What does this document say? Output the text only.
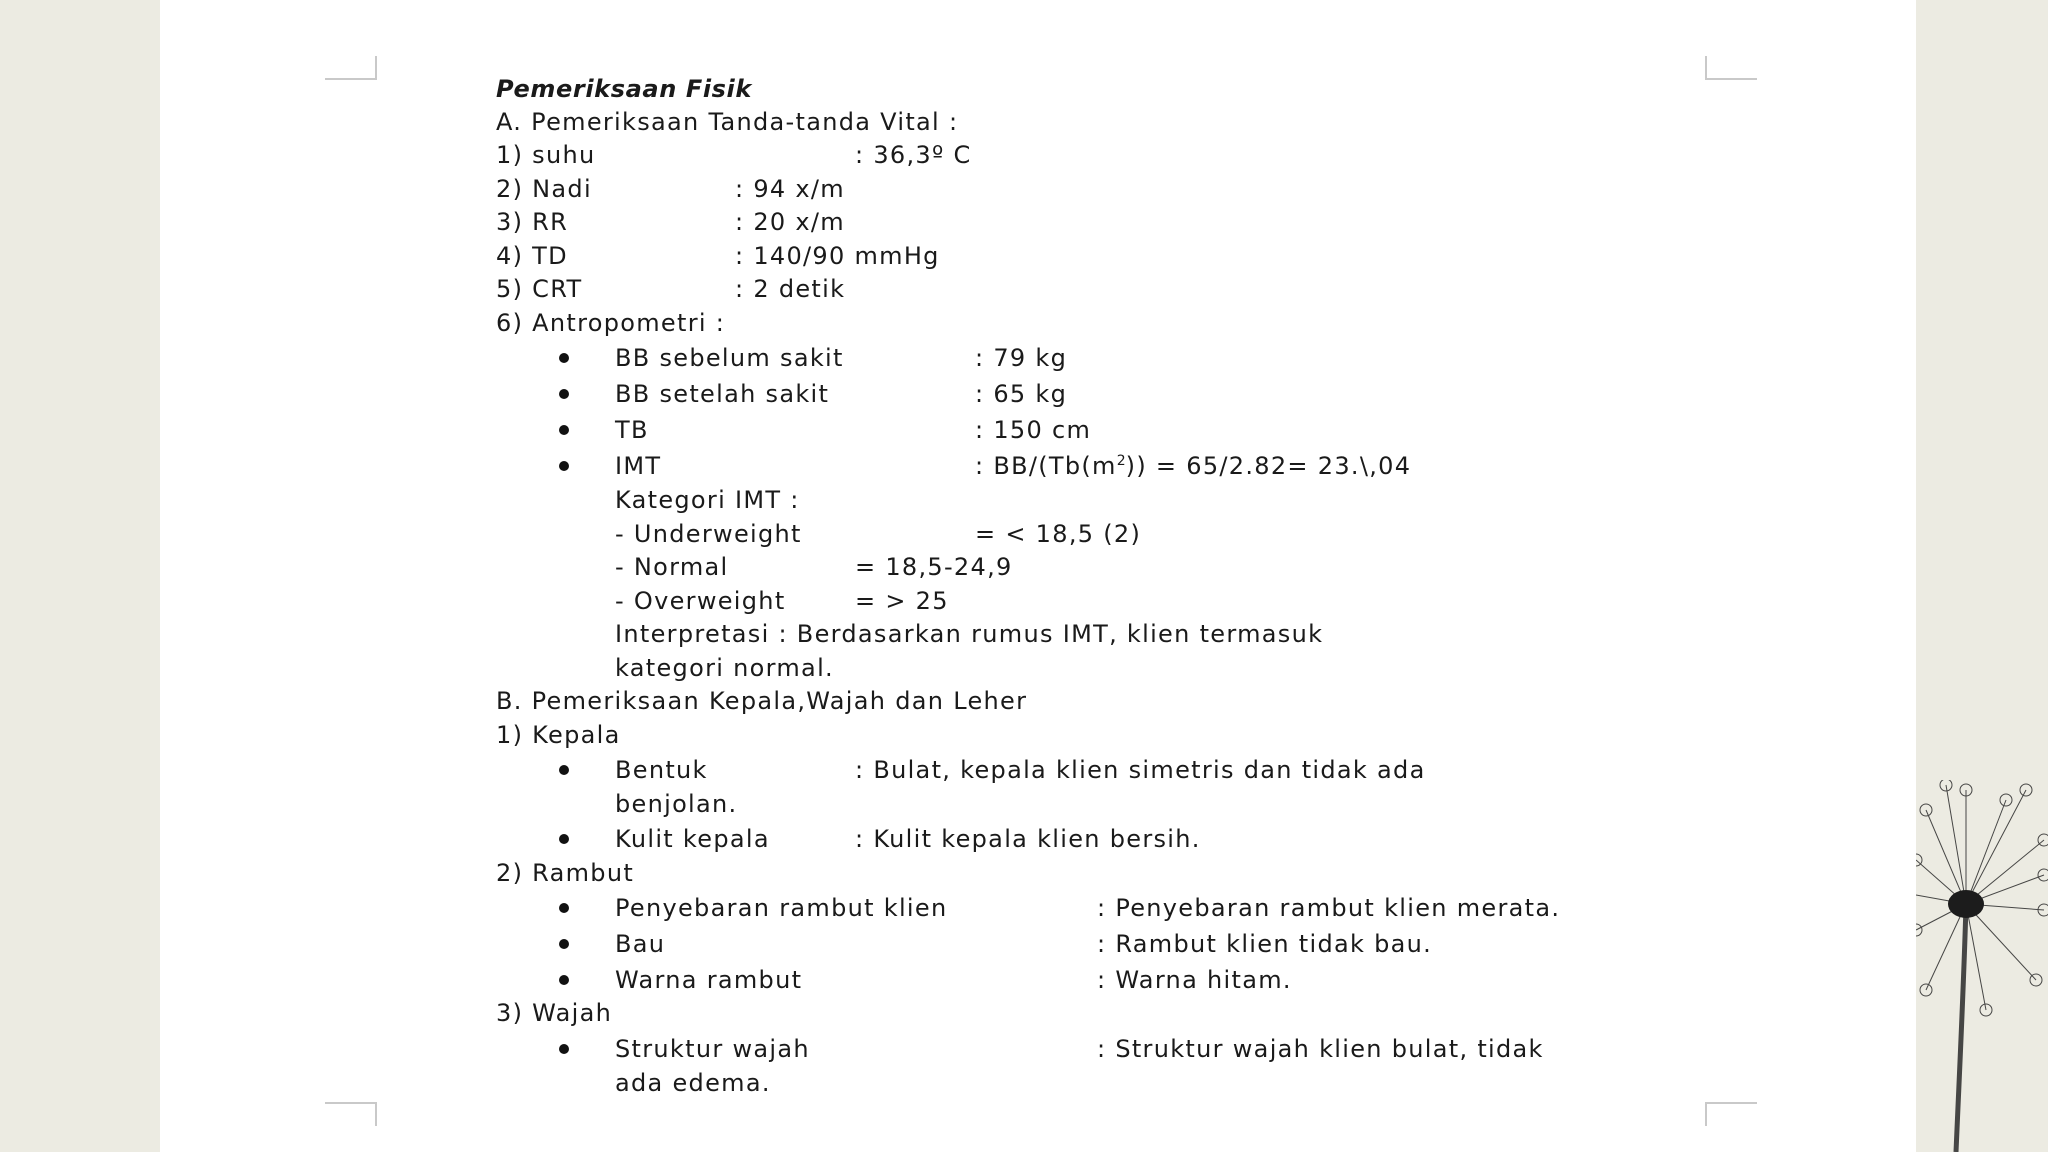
Pemeriksaan Fisik
A. Pemeriksaan Tanda-tanda Vital :
1) suhu	: 36,3º C
2) Nadi	: 94 x/m
3) RR	: 20 x/m
4) TD	: 140/90 mmHg
5) CRT	: 2 detik
6) Antropometri :
BB sebelum sakit	: 79 kg
BB setelah sakit	: 65 kg
TB	: 150 cm
IMT	: $BB/(Tb(m^2)) = 65/2.82=$ 23.\,04
Kategori IMT :
- Underweight	= < 18,5 (2)
- Normal	= 18,5-24,9
- Overweight	= > 25
Interpretasi : Berdasarkan rumus IMT, klien termasuk
kategori normal.
B. Pemeriksaan Kepala,Wajah dan Leher
1) Kepala
Bentuk	: Bulat, kepala klien simetris dan tidak ada
benjolan.
Kulit kepala	: Kulit kepala klien bersih.
2) Rambut
Penyebaran rambut klien	: Penyebaran rambut klien merata.
Bau	: Rambut klien tidak bau.
Warna rambut	: Warna hitam.
3) Wajah
Struktur wajah	: Struktur wajah klien bulat, tidak
ada edema.
